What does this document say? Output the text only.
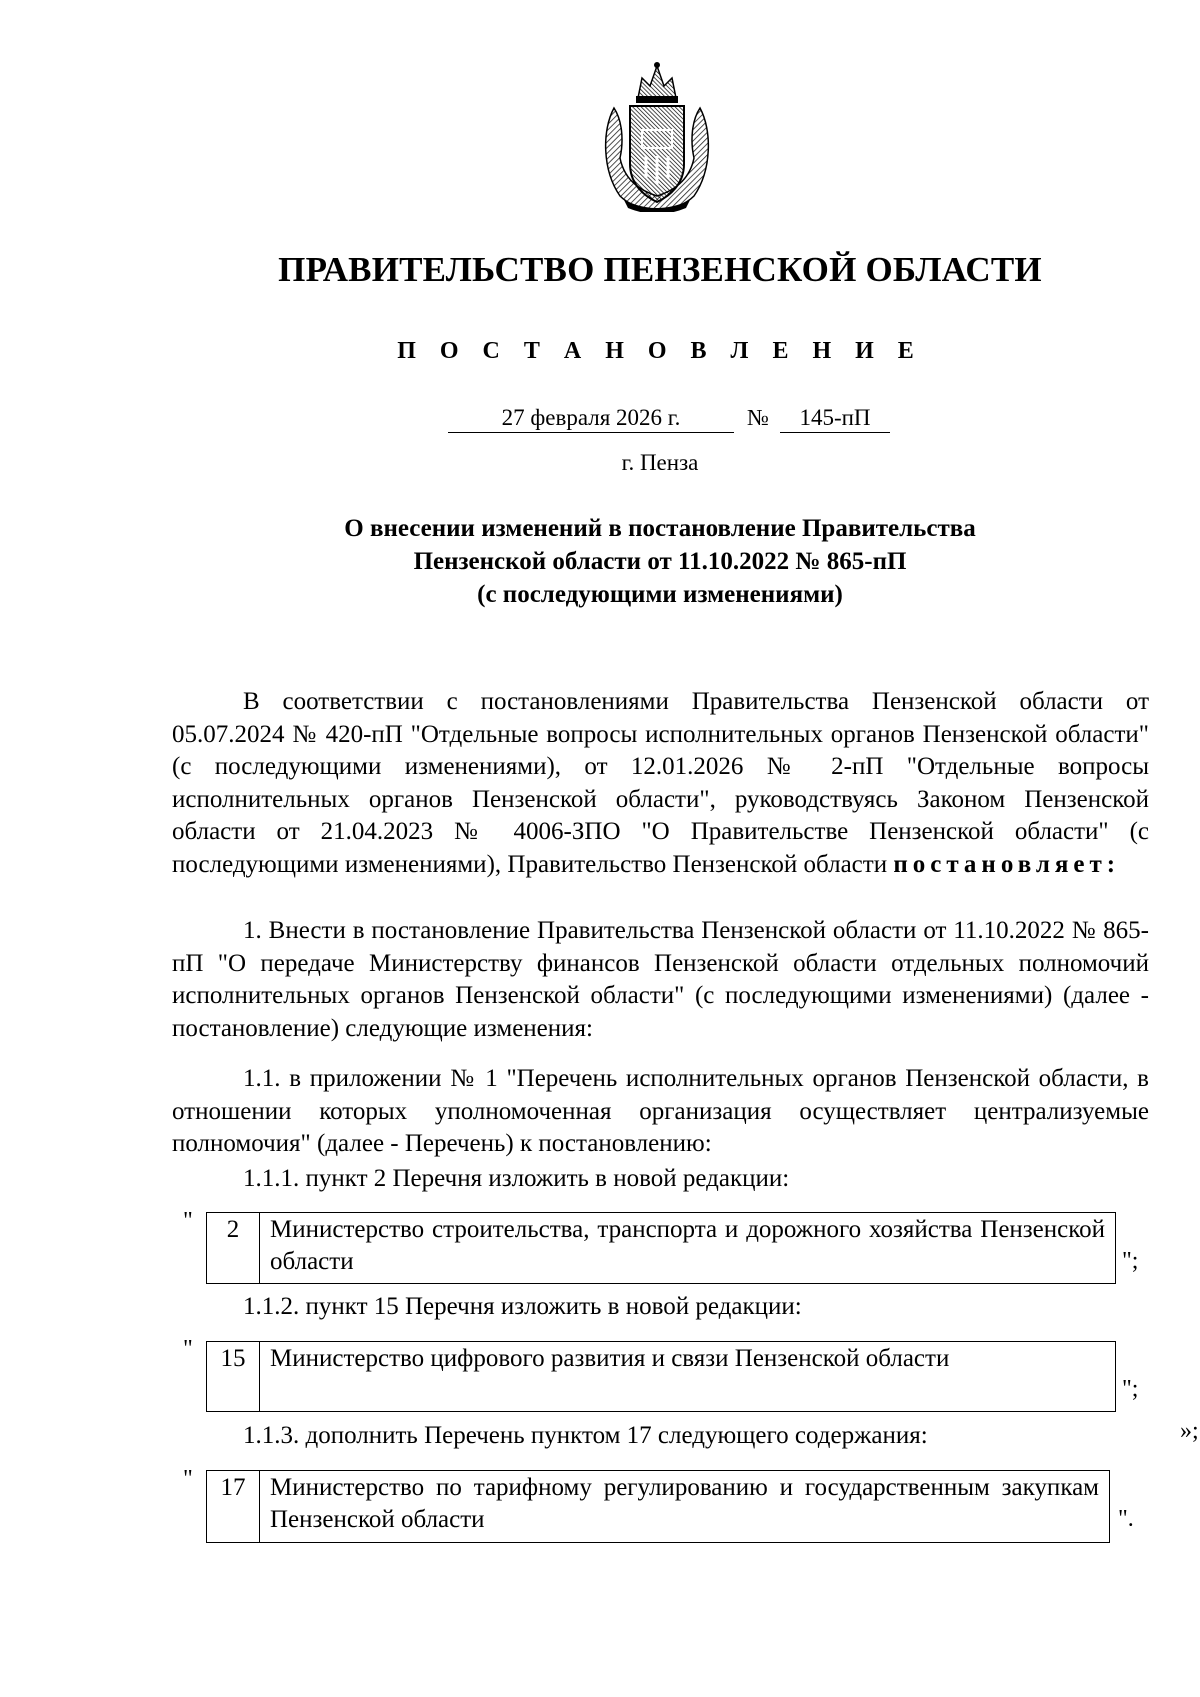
ПРАВИТЕЛЬСТВО ПЕНЗЕНСКОЙ ОБЛАСТИ
П О С Т А Н О В Л Е Н И Е
27 февраля 2026 г.	№	145-пП
г. Пенза
О внесении изменений в постановление Правительства
Пензенской области от 11.10.2022 № 865-пП
(с последующими изменениями)
В соответствии с постановлениями Правительства Пензенской области от 05.07.2024 № 420-пП "Отдельные вопросы исполнительных органов Пензенской области" (с последующими изменениями), от 12.01.2026 № 2-пП "Отдельные вопросы исполнительных органов Пензенской области", руководствуясь Законом Пензенской области от 21.04.2023 № 4006-ЗПО "О Правительстве Пензенской области" (с последующими изменениями), Правительство Пензенской области постановляет:
1. Внести в постановление Правительства Пензенской области от 11.10.2022 № 865-пП "О передаче Министерству финансов Пензенской области отдельных полномочий исполнительных органов Пензенской области" (с последующими изменениями) (далее - постановление) следующие изменения:
1.1. в приложении № 1 "Перечень исполнительных органов Пензенской области, в отношении которых уполномоченная организация осуществляет централизуемые полномочия" (далее - Перечень) к постановлению:
1.1.1. пункт 2 Перечня изложить в новой редакции:
"	2	Министерство строительства, транспорта и дорожного хозяйства Пензенской области	";
1.1.2. пункт 15 Перечня изложить в новой редакции:
"	15 Министерство цифрового развития и связи Пензенской области
";
1.1.3. дополнить Перечень пунктом 17 следующего содержания:	»;
"	17 Министерство по тарифному регулированию и государственным закупкам Пензенской области	".
